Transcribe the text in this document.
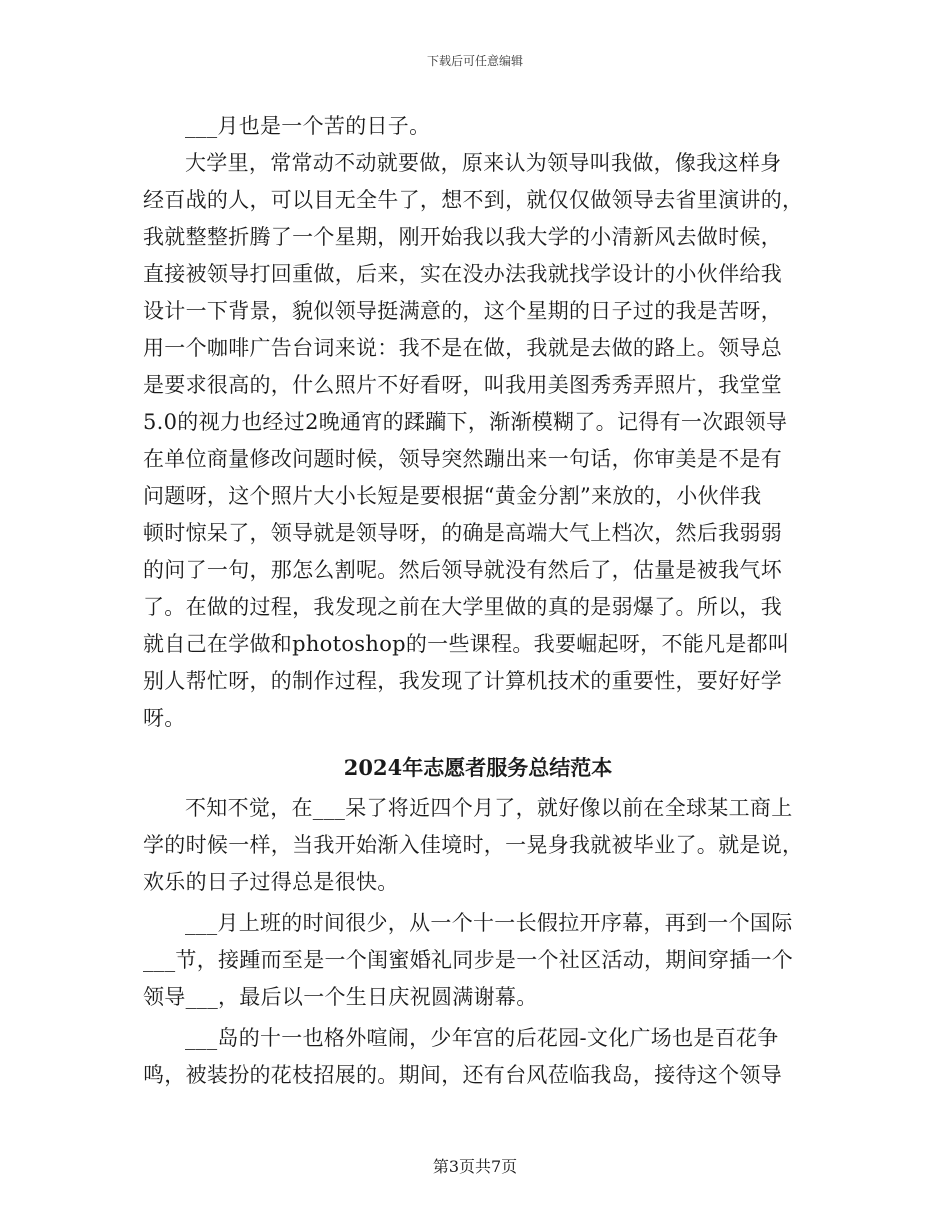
下载后可任意编辑
___月也是一个苦的日子。
大学里，常常动不动就要做，原来认为领导叫我做，像我这样身
经百战的人，可以目无全牛了，想不到，就仅仅做领导去省里演讲的，
我就整整折腾了一个星期，刚开始我以我大学的小清新风去做时候，
直接被领导打回重做，后来，实在没办法我就找学设计的小伙伴给我
设计一下背景，貌似领导挺满意的，这个星期的日子过的我是苦呀，
用一个咖啡广告台词来说：我不是在做，我就是去做的路上。领导总
是要求很高的，什么照片不好看呀，叫我用美图秀秀弄照片，我堂堂
5.0的视力也经过2晚通宵的蹂躏下，渐渐模糊了。记得有一次跟领导
在单位商量修改问题时候，领导突然蹦出来一句话，你审美是不是有
问题呀，这个照片大小长短是要根据“黄金分割”来放的，小伙伴我
顿时惊呆了，领导就是领导呀，的确是高端大气上档次，然后我弱弱
的问了一句，那怎么割呢。然后领导就没有然后了，估量是被我气坏
了。在做的过程，我发现之前在大学里做的真的是弱爆了。所以，我
就自己在学做和photoshop的一些课程。我要崛起呀，不能凡是都叫
别人帮忙呀，的制作过程，我发现了计算机技术的重要性，要好好学
呀。
2024年志愿者服务总结范本
不知不觉，在___呆了将近四个月了，就好像以前在全球某工商上
学的时候一样，当我开始渐入佳境时，一晃身我就被毕业了。就是说，
欢乐的日子过得总是很快。
___月上班的时间很少，从一个十一长假拉开序幕，再到一个国际
___节，接踵而至是一个闺蜜婚礼同步是一个社区活动，期间穿插一个
领导___，最后以一个生日庆祝圆满谢幕。
___岛的十一也格外喧闹，少年宫的后花园-文化广场也是百花争
鸣，被装扮的花枝招展的。期间，还有台风莅临我岛，接待这个领导
第3页共7页
